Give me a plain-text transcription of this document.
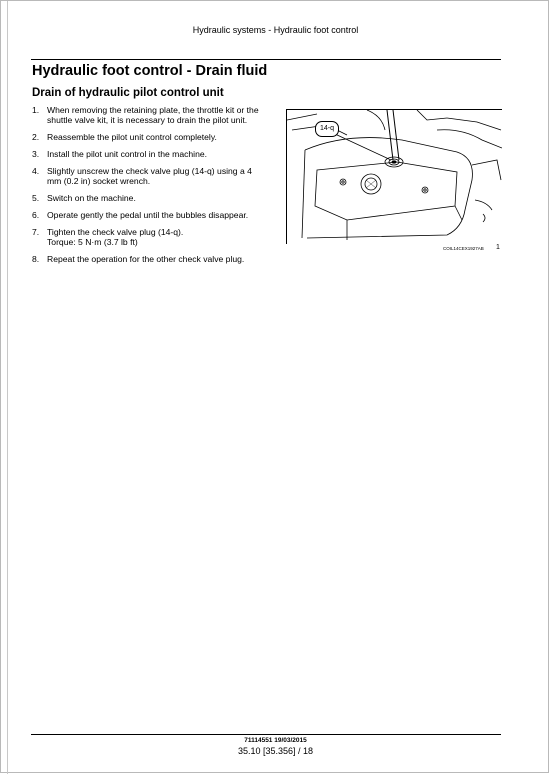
Hydraulic systems - Hydraulic foot control
Hydraulic foot control - Drain fluid
Drain of hydraulic pilot control unit
1. When removing the retaining plate, the throttle kit or the shuttle valve kit, it is necessary to drain the pilot unit.
2. Reassemble the pilot unit control completely.
3. Install the pilot unit control in the machine.
4. Slightly unscrew the check valve plug (14-q) using a 4 mm (0.2 in) socket wrench.
5. Switch on the machine.
6. Operate gently the pedal until the bubbles disappear.
7. Tighten the check valve plug (14-q).
Torque: 5 N·m (3.7 lb ft)
8. Repeat the operation for the other check valve plug.
14-q
COIL14CEX1927AB 1
71114551 19/03/2015
35.10 [35.356] / 18
